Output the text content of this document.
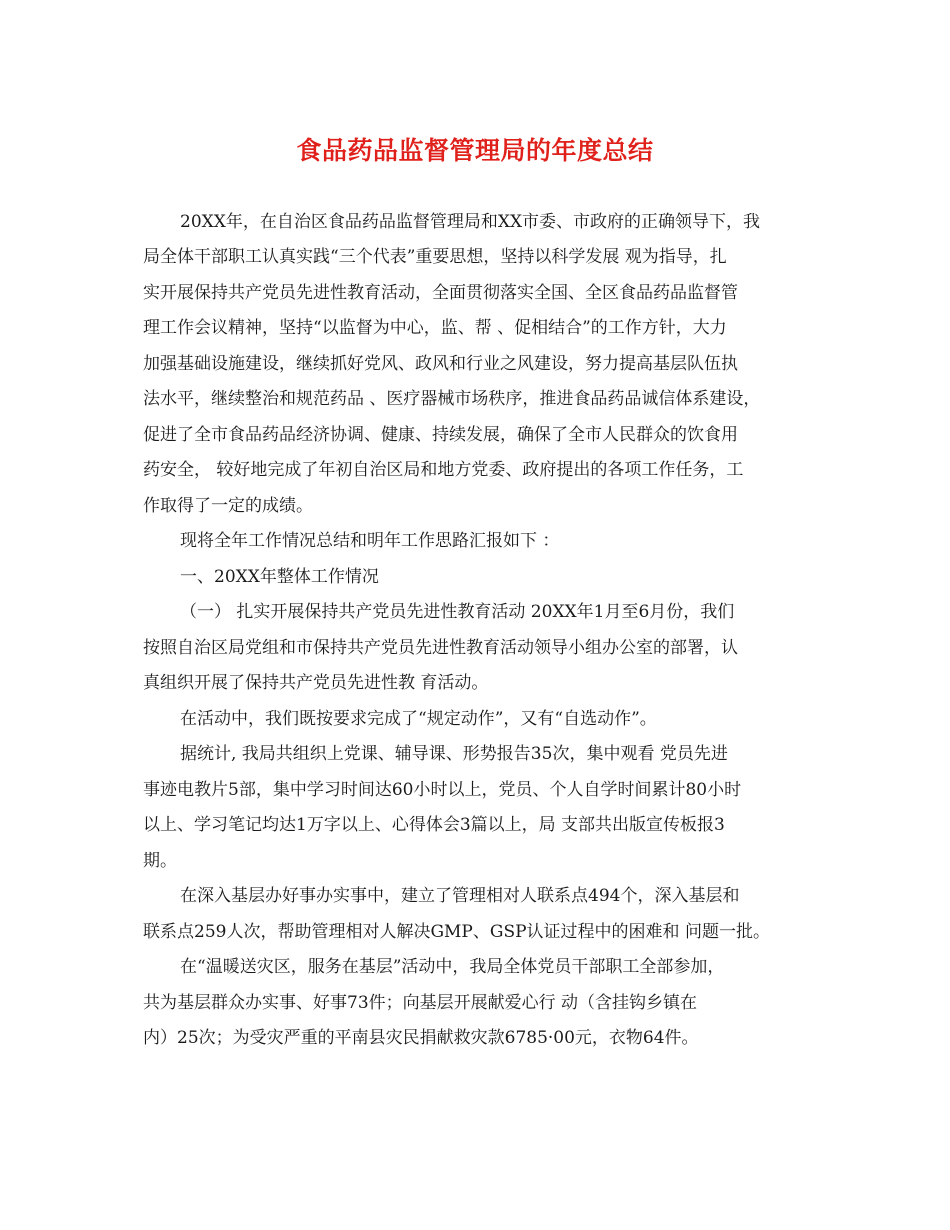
食品药品监督管理局的年度总结
20XX年，在自治区食品药品监督管理局和XX市委、市政府的正确领导下，我
局全体干部职工认真实践“三个代表”重要思想，坚持以科学发展 观为指导，扎
实开展保持共产党员先进性教育活动，全面贯彻落实全国、全区食品药品监督管
理工作会议精神，坚持“以监督为中心，监、帮 、促相结合”的工作方针，大力
加强基础设施建设，继续抓好党风、政风和行业之风建设，努力提高基层队伍执
法水平，继续整治和规范药品 、医疗器械市场秩序，推进食品药品诚信体系建设，
促进了全市食品药品经济协调、健康、持续发展，确保了全市人民群众的饮食用
药安全， 较好地完成了年初自治区局和地方党委、政府提出的各项工作任务，工
作取得了一定的成绩。
现将全年工作情况总结和明年工作思路汇报如下 ：
一、20XX年整体工作情况
（一） 扎实开展保持共产党员先进性教育活动 20XX年1月至6月份，我们
按照自治区局党组和市保持共产党员先进性教育活动领导小组办公室的部署，认
真组织开展了保持共产党员先进性教 育活动。
在活动中，我们既按要求完成了“规定动作”，又有“自选动作”。
据统计, 我局共组织上党课、辅导课、形势报告35次，集中观看 党员先进
事迹电教片5部，集中学习时间达60小时以上，党员、个人自学时间累计80小时
以上、学习笔记均达1万字以上、心得体会3篇以上，局 支部共出版宣传板报3
期。
在深入基层办好事办实事中，建立了管理相对人联系点494个，深入基层和
联系点259人次，帮助管理相对人解决GMP、GSP认证过程中的困难和 问题一批。
在“温暖送灾区，服务在基层”活动中，我局全体党员干部职工全部参加，
共为基层群众办实事、好事73件；向基层开展献爱心行 动（含挂钩乡镇在
内）25次；为受灾严重的平南县灾民捐献救灾款6785·00元，衣物64件。
